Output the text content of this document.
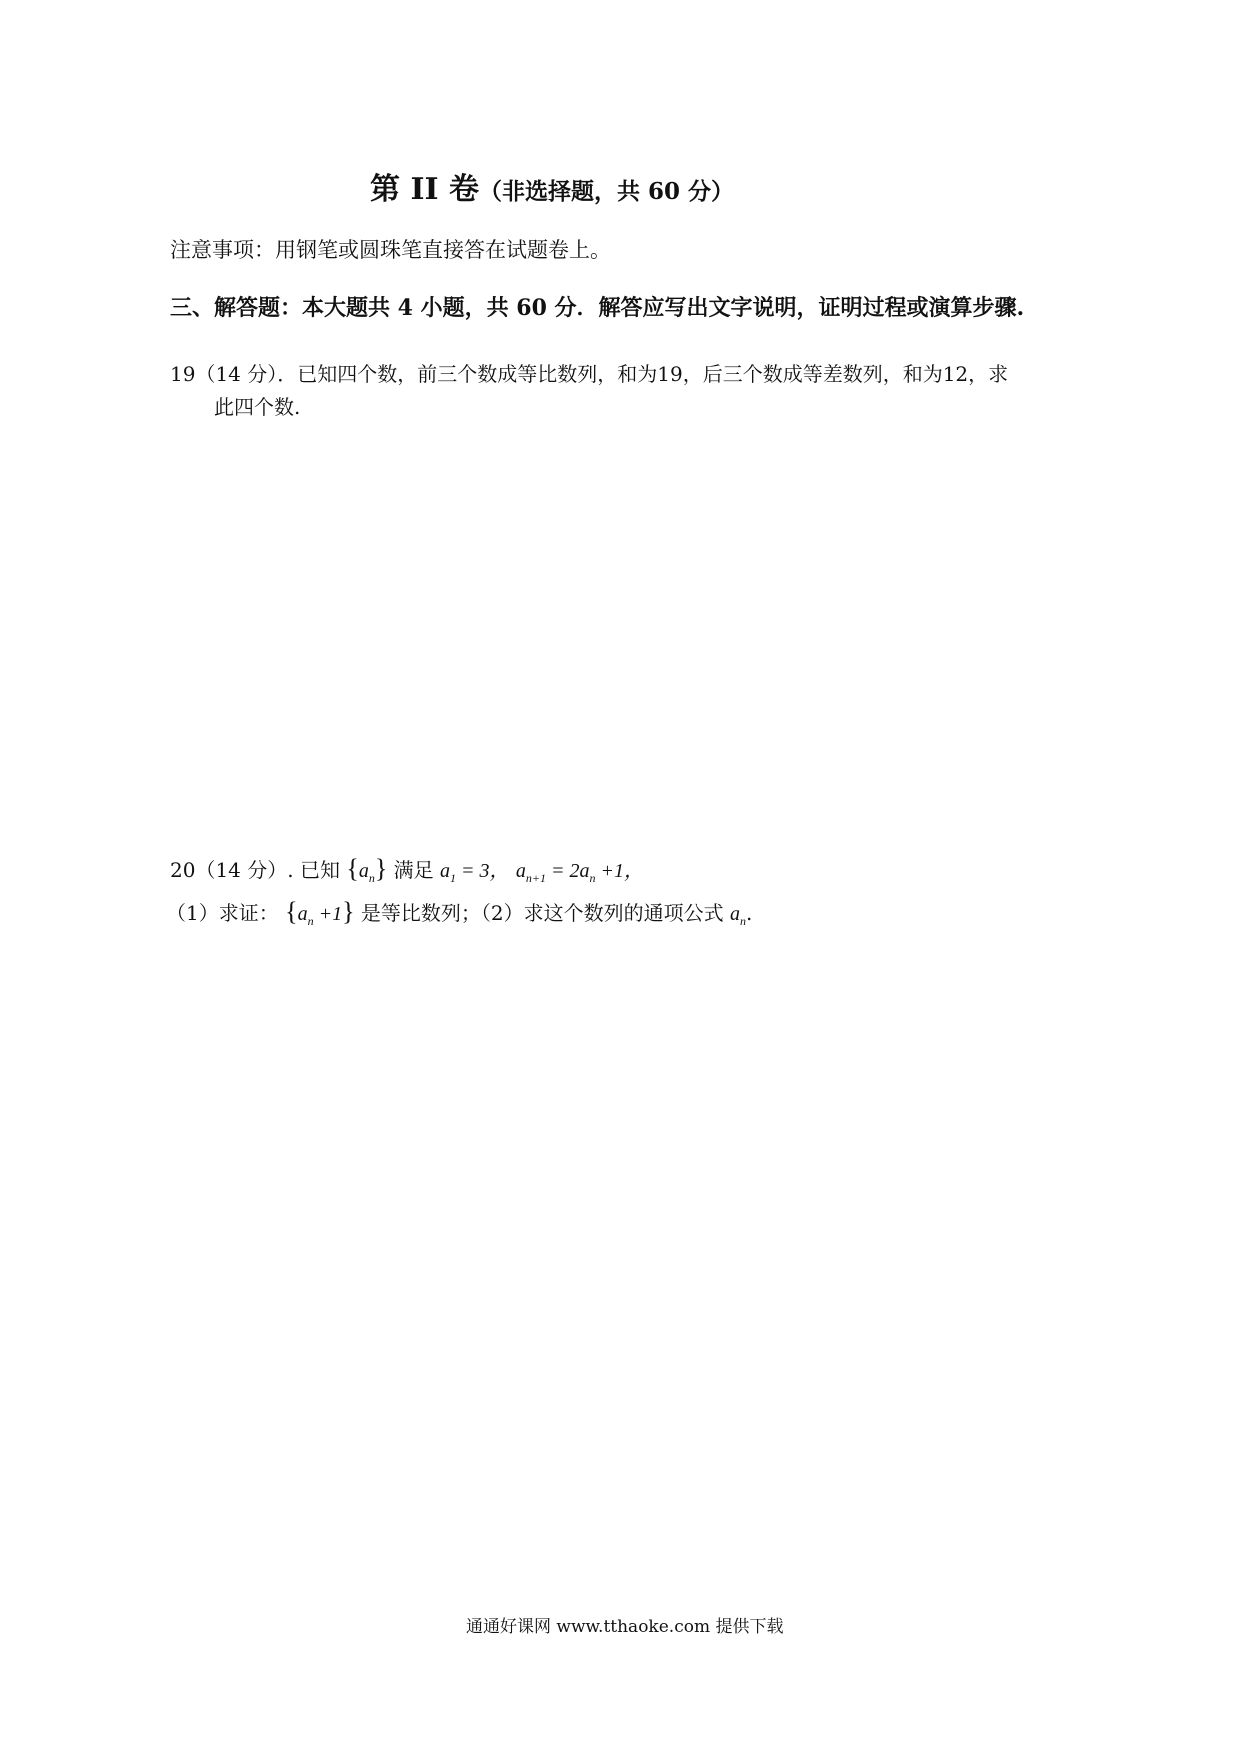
第 II 卷（非选择题，共 60 分）
注意事项：用钢笔或圆珠笔直接答在试题卷上。
三、解答题：本大题共 4 小题，共 60 分．解答应写出文字说明，证明过程或演算步骤.
19（14 分）．已知四个数，前三个数成等比数列，和为19，后三个数成等差数列，和为12，求
此四个数.
20（14 分）. 已知 $\{a_n\}$ 满足 $a_1 = 3$， $a_{n+1} = 2a_n +1$，
（1）求证： $\{a_n +1\}$ 是等比数列；（2）求这个数列的通项公式 $a_n$.
通通好课网 www.tthaoke.com 提供下载
